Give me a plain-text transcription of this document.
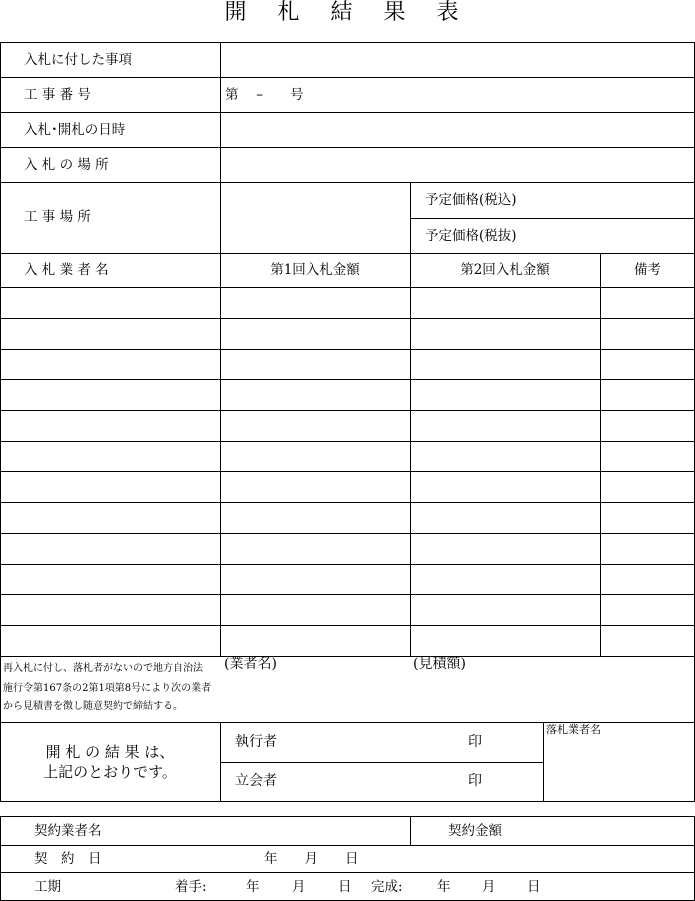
開 札 結 果 表
入札に付した事項
工 事 番 号	第　 –　　号
入札･開札の日時
入 札 の 場 所
工 事 場 所
予定価格(税込)
予定価格(税抜)
入 札 業 者 名	第1回入札金額	第2回入札金額	備考
再入札に付し、落札者がないので地方自治法
施行令第167条の2第1項第8号により次の業者
から見積書を徴し随意契約で締結する。
(業者名)	(見積額)
開 札 の 結 果 は、
上記のとおりです。
執行者	印
立会者	印
落札業者名
契約業者名	契約金額
契　約　日	年　　月　　日
工期	着手:	年 月 日 完成:	年 月 日
